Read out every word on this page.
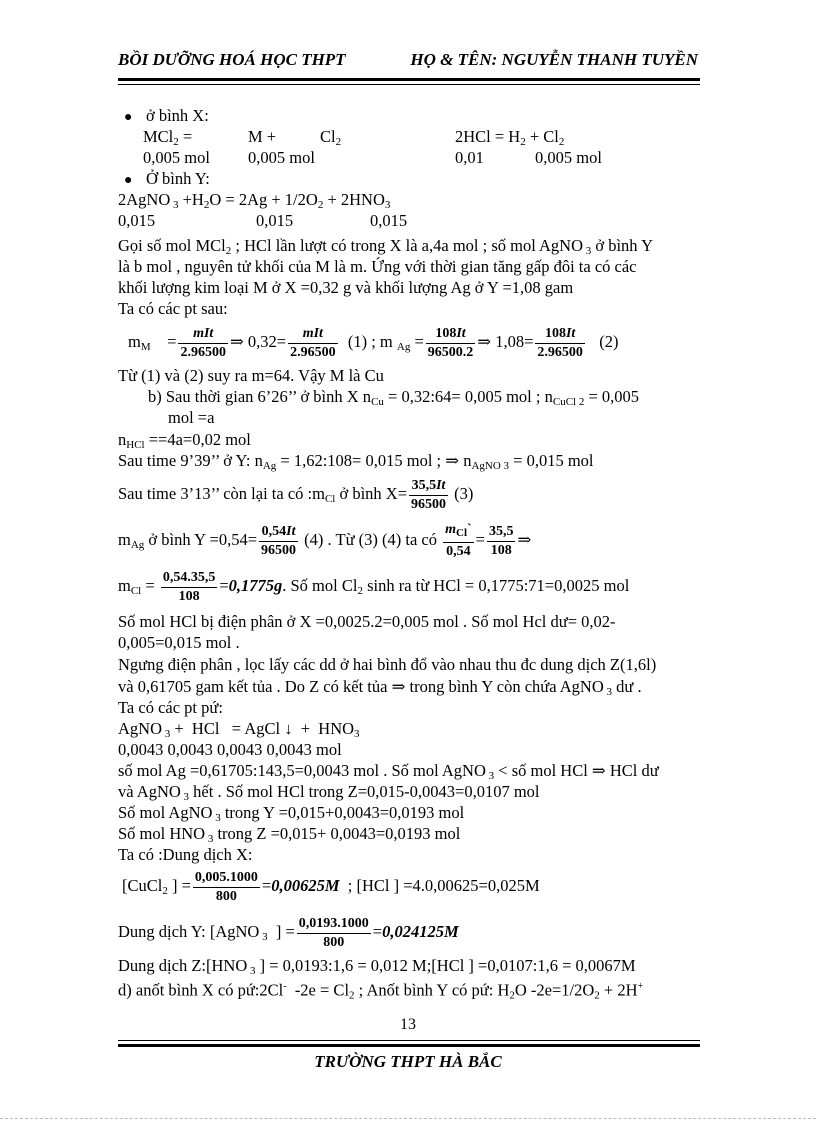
BỒI DƯỠNG HOÁ HỌC THPT	HỌ & TÊN: NGUYỄN THANH TUYỀN
● ở bình X:
MCl$_2$ =	M +	$Cl_2$	$2HCl = H_2 + Cl_2$
0,005 mol 0,005 mol	0,01	0,005 mol
● Ở bình Y:
2AgNO $_3 +H_2O = 2Ag + 1/2O_2 + 2HNO_3$
0,015	0,015	0,015
Gọi số mol MCl$_2$ ; HCl lần lượt có trong X là a,4a mol ; số mol AgNO $_3$ ở bình Y
là b mol , nguyên tử khối của M là m. Ứng với thời gian tăng gấp đôi ta có các
khối lượng kim loại M ở X =0,32 g và khối lượng Ag ở Y =1,08 gam
Ta có các pt sau:
$m_M$    =	mIt
2.96500
⇒ 0,32=	mIt
2.96500
(1) ; m $_{Ag} = \frac{108It}{96500.2}$ ⇒ $1,08= \frac{108It}{2.96500} (2)$
Từ (1) và (2) suy ra m=64. Vậy M là Cu
b) Sau thời gian 6’26’’ ở bình X $n_{Cu}$ = 0,32:64= 0,005 mol ; $n_{CuCl 2} = 0,005$
mol =a
$n_{HCl} ==4a=0,02$ mol
Sau time 9’39’’ ở Y: $n_{Ag}$ = 1,62:108= 0,015 mol ; ⇒ $n_{AgNO 3} = 0,015$ mol
Sau time 3’13’’ còn lại ta có $:m_{Cl}$ ở bình $X= \frac{35,5It}{96500} (3)$
$m_{Ag}$ ở bình $Y =0,54= \frac{0,54It}{96500} (4)$ . Từ (3) (4) ta có
$m_{Cl}`$
0,54
= $\frac{35,5}{108}$ ⇒
$m_{Cl} = \frac{0,54.35,5}{108} =0,1775g$. Số mol $Cl_2$ sinh ra từ HCl = 0,1775:71=0,0025 mol
Số mol HCl bị điện phân ở X =0,0025.2=0,005 mol . Số mol Hcl dư= 0,02-
0,005=0,015 mol .
Ngưng điện phân , lọc lấy các dd ở hai bình đổ vào nhau thu đc dung dịch Z(1,6l)
và 0,61705 gam kết tủa . Do Z có kết tủa ⇒ trong bình Y còn chứa AgNO $_3$ dư .
Ta có các pt pứ:
AgNO $_3$ +  HCl   = AgCl ↓  +  $HNO_3$
0,0043 0,0043 0,0043 0,0043 mol
số mol Ag =0,61705:143,5=0,0043 mol . Số mol AgNO $_3$ < số mol HCl ⇒ HCl dư
và AgNO $_3$ hết . Số mol HCl trong Z=0,015-0,0043=0,0107 mol
Số mol AgNO $_3$ trong Y =0,015+0,0043=0,0193 mol
Số mol HNO $_3$ trong Z =0,015+ 0,0043=0,0193 mol
Ta có :Dung dịch X:
[CuCl$_2$ ] = $\frac{0,005.1000}{800} =0,00625M$ ; [HCl ] =4.0,00625=0,025M
Dung dịch Y: [AgNO $_3$  ] = $\frac{0,0193.1000}{800} =0,024125M$
Dung dịch Z:[HNO $_3$ ] = 0,0193:1,6 = 0,012 M;[HCl ] =0,0107:1,6 = 0,0067M
d) anốt bình X có pứ:2Cl- $-2e = Cl_2$ ; Anốt bình Y có pứ: $H_2O$ $-2e=1/2O_2 + 2H^+$
13
TRƯỜNG THPT HÀ BẮC
